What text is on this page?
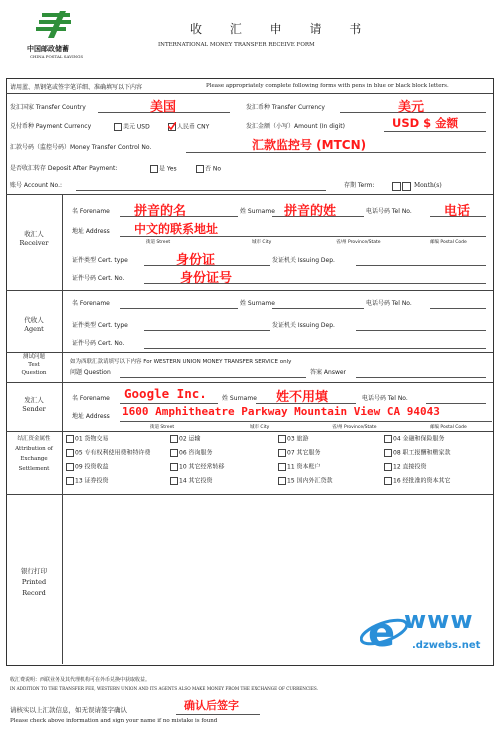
中国邮政储蓄
CHINA POSTAL SAVINGS
收 汇 申 请 书
INTERNATIONAL MONEY TRANSFER RECEIVE FORM
请用蓝、黑钢笔或签字笔详细、准确填写以下内容	Please appropriately complete following forms with pens in blue or black block letters.
发汇国家 Transfer Country	美国	发汇币种 Transfer Currency	美元
兑付币种 Payment Currency	美元 USD	人民币 CNY	发汇金额（小写）Amount (In digit)	USD $ 金额
汇款号码（监控号码）Money Transfer Control No.	汇款监控号 (MTCN)
是否收汇转存 Deposit After Payment:	是 Yes	否 No
账号 Account No.:	存期 Term:	Month(s)
收汇人
Receiver
名 Forename 拼音的名	姓 Surname 拼音的姓	电话号码 Tel No. 电话
地址 Address 中文的联系地址
街道 Street	城市 City	省/州 Province/State	邮编 Postal Code
证件类型 Cert. type	身份证	发证机关 Issuing Dep.
证件号码 Cert. No.	身份证号
代收人
Agent
名 Forename	姓 Surname	电话号码 Tel No.
证件类型 Cert. type	发证机关 Issuing Dep.
证件号码 Cert. No.
测试问题
Test
Question
如为西联汇款请填写以下内容 For WESTERN UNION MONEY TRANSFER SERVICE only
问题 Question	答案 Answer
发汇人
Sender
名 Forename Google Inc.	姓 Surname 姓不用填	电话号码 Tel No.
地址 Address 1600 Amphitheatre Parkway Mountain View CA 94043
街道 Street	城市 City	省/州 Province/State	邮编 Postal Code
结汇资金属性
Attribution of
Exchange
Settlement
01 货物交易	02 运输	03 旅游	04 金融和保险服务
05 专有权利使用费和特许费	06 咨询服务	07 其它服务	08 职工报酬和赡家款
09 投资收益	10 其它经常转移	11 资本账户	12 直接投资
13 证券投资	14 其它投资	15 国内外汇贷款	16 经批准的资本其它
银行打印
Printed
Record
e www
.dzwebs.net
收汇费说明：西联业务及其代理机构可在外币兑换中获取收益。
IN ADDITION TO THE TRANSFER FEE, WESTERN UNION AND ITS AGENTS ALSO MAKE MONEY FROM THE EXCHANGE OF CURRENCIES.
请核实以上汇款信息，如无误请签字确认	确认后签字
Please check above information and sign your name if no mistake is found
